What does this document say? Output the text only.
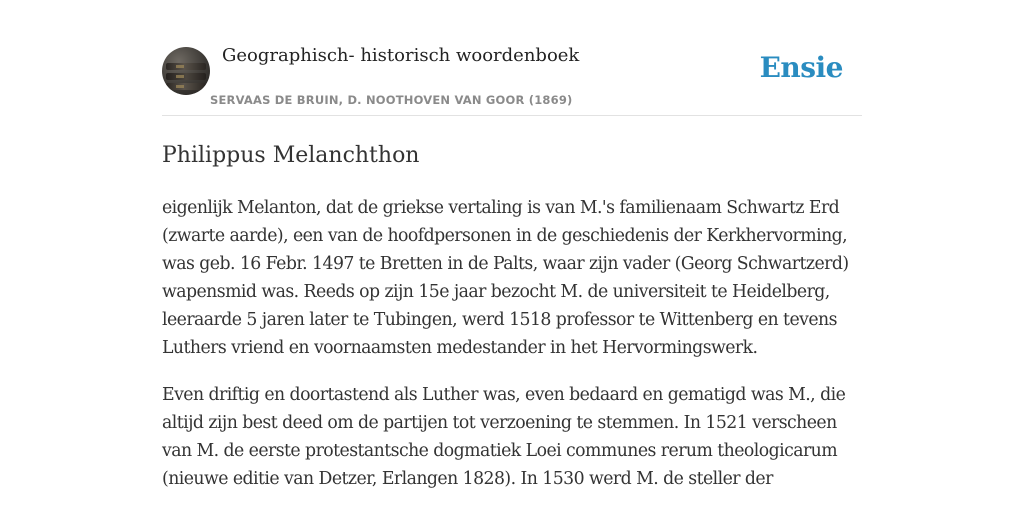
Geographisch- historisch woordenboek
SERVAAS DE BRUIN, D. NOOTHOVEN VAN GOOR (1869)
Ensie
Philippus Melanchthon

eigenlijk Melanton, dat de griekse vertaling is van M.'s familienaam Schwartz Erd (zwarte aarde), een van de hoofdpersonen in de geschiedenis der Kerkhervorming, was geb. 16 Febr. 1497 te Bretten in de Palts, waar zijn vader (Georg Schwartzerd) wapensmid was. Reeds op zijn 15e jaar bezocht M. de universiteit te Heidelberg, leeraarde 5 jaren later te Tubingen, werd 1518 professor te Wittenberg en tevens Luthers vriend en voornaamsten medestander in het Hervormingswerk.

Even driftig en doortastend als Luther was, even bedaard en gematigd was M., die altijd zijn best deed om de partijen tot verzoening te stemmen. In 1521 verscheen van M. de eerste protestantsche dogmatiek Loei communes rerum theologicarum (nieuwe editie van Detzer, Erlangen 1828). In 1530 werd M. de steller der
